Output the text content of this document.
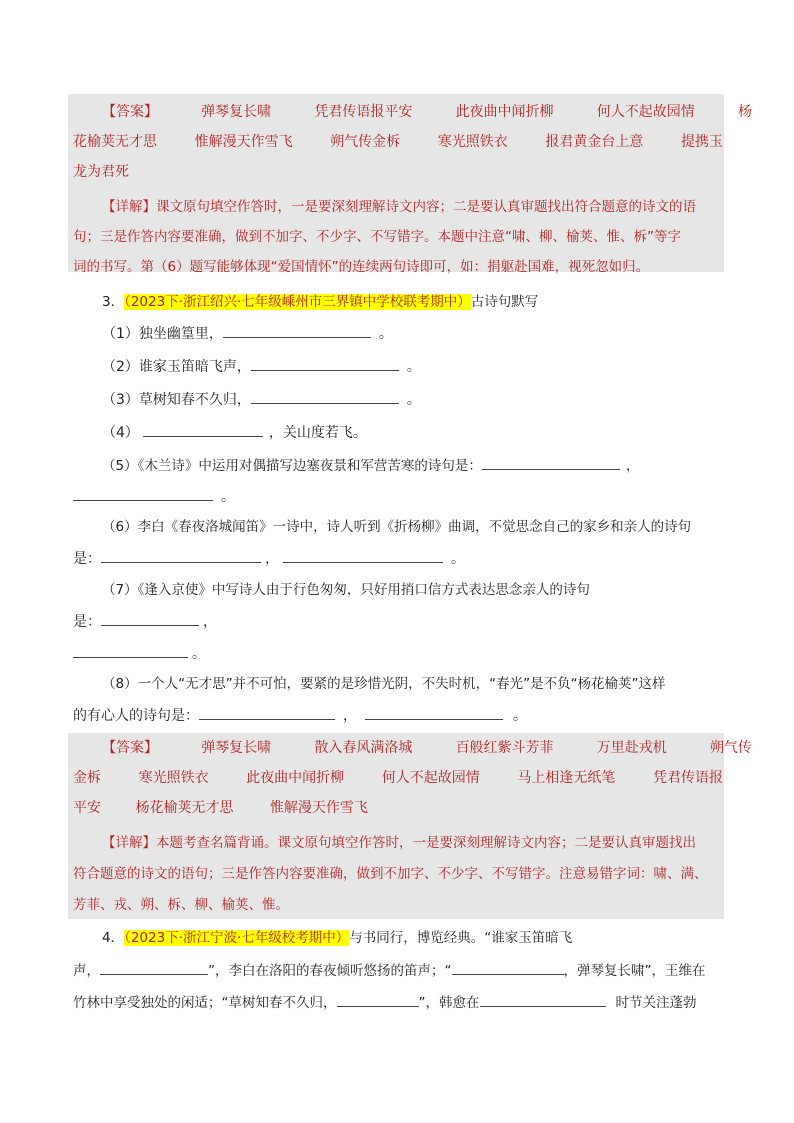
【答案】	弹琴复长啸	凭君传语报平安	此夜曲中闻折柳	何人不起故园情	杨
花榆荚无才思	惟解漫天作雪飞	朔气传金柝	寒光照铁衣	报君黄金台上意	提携玉
龙为君死
【详解】课文原句填空作答时，一是要深刻理解诗文内容；二是要认真审题找出符合题意的诗文的语
句；三是作答内容要准确，做到不加字、不少字、不写错字。本题中注意“啸、柳、榆荚、惟、柝”等字
词的书写。第（6）题写能够体现“爱国情怀”的连续两句诗即可，如：捐躯赴国难，视死忽如归。
3．（2023下·浙江绍兴·七年级嵊州市三界镇中学校联考期中）古诗句默写
（1）独坐幽篁里，	。
（2）谁家玉笛暗飞声，	。
（3）草树知春不久归，	。
（4）	，关山度若飞。
（5）《木兰诗》中运用对偶描写边塞夜景和军营苦寒的诗句是：	，
。
（6）李白《春夜洛城闻笛》一诗中，诗人听到《折杨柳》曲调，不觉思念自己的家乡和亲人的诗句
是：	，	。
（7）《逢入京使》中写诗人由于行色匆匆，只好用捎口信方式表达思念亲人的诗句
是：	，
。
（8）一个人“无才思”并不可怕，要紧的是珍惜光阴，不失时机，“春光”是不负“杨花榆荚”这样
的有心人的诗句是：	，	。
【答案】	弹琴复长啸	散入春风满洛城	百般红紫斗芳菲	万里赴戎机	朔气传
金柝	寒光照铁衣	此夜曲中闻折柳	何人不起故园情	马上相逢无纸笔	凭君传语报
平安 杨花榆荚无才思	惟解漫天作雪飞
【详解】本题考查名篇背诵。课文原句填空作答时，一是要深刻理解诗文内容；二是要认真审题找出
符合题意的诗文的语句；三是作答内容要准确，做到不加字、不少字、不写错字。注意易错字词：啸、满、
芳菲、戎、朔、柝、柳、榆荚、惟。
4．（2023下·浙江宁波·七年级校考期中）与书同行，博览经典。“谁家玉笛暗飞
声，	”，李白在洛阳的春夜倾听悠扬的笛声；“	，弹琴复长啸”，王维在
竹林中享受独处的闲适；“草树知春不久归，	”，韩愈在	时节关注蓬勃
